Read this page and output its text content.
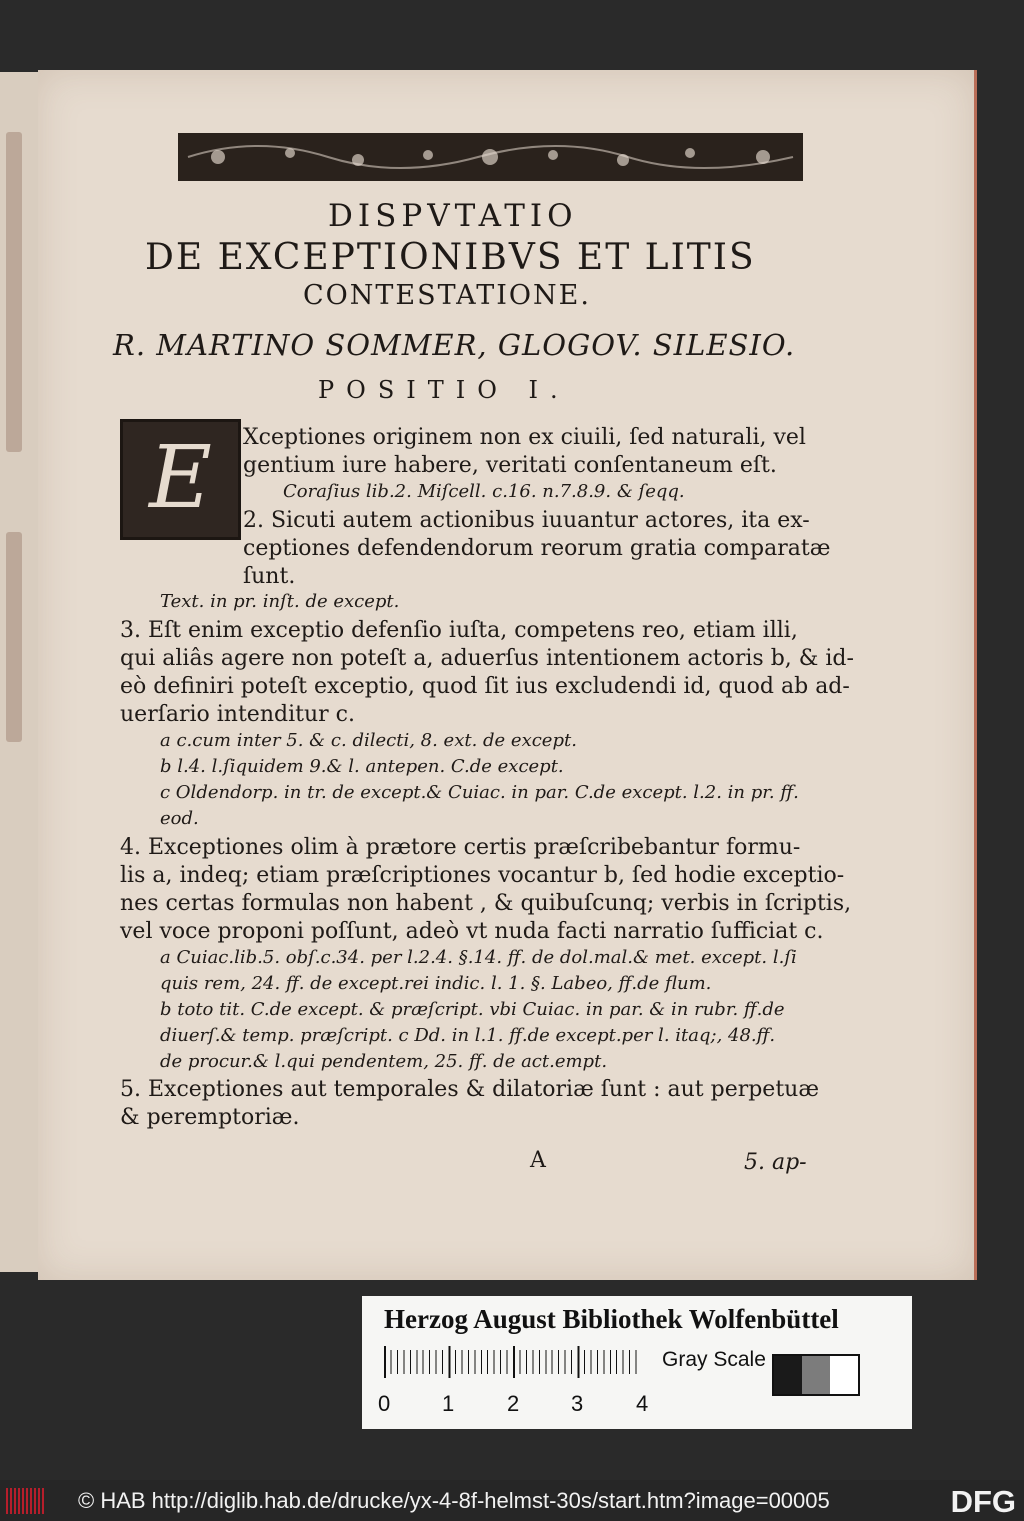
DISPVTATIO
DE EXCEPTIONIBVS ET LITIS
CONTESTATIONE.
R. MARTINO SOMMER, GLOGOV. SILESIO.
POSITIO I.
E	Xceptiones originem non ex ciuili, ſed naturali, vel
gentium iure habere, veritati conſentaneum eſt.
Coraſius lib.2. Miſcell. c.16. n.7.8.9. & ſeqq.
2. Sicuti autem actionibus iuuantur actores, ita ex-
ceptiones defendendorum reorum gratia comparatæ
ſunt.
Text. in pr. inſt. de except.
3. Eſt enim exceptio defenſio iuſta, competens reo, etiam illi,
qui aliâs agere non poteſt a, aduerſus intentionem actoris b, & id-
eò definiri poteſt exceptio, quod ſit ius excludendi id, quod ab ad-
uerſario intenditur c.
a c.cum inter 5. & c. dilecti, 8. ext. de except.
b l.4. l.ſiquidem 9.& l. antepen. C.de except.
c Oldendorp. in tr. de except.& Cuiac. in par. C.de except. l.2. in pr. ff.
eod.
4. Exceptiones olim à prætore certis præſcribebantur formu-
lis a, indeq; etiam præſcriptiones vocantur b, ſed hodie exceptio-
nes certas formulas non habent , & quibuſcunq; verbis in ſcriptis,
vel voce proponi poſſunt, adeò vt nuda facti narratio ſufficiat c.
a Cuiac.lib.5. obſ.c.34. per l.2.4. §.14. ff. de dol.mal.& met. except. l.ſi
quis rem, 24. ff. de except.rei indic. l. 1. §. Labeo, ff.de flum.
b toto tit. C.de except. & præſcript. vbi Cuiac. in par. & in rubr. ff.de
diuerſ.& temp. præſcript. c Dd. in l.1. ff.de except.per l. itaq;, 48.ff.
de procur.& l.qui pendentem, 25. ff. de act.empt.
5. Exceptiones aut temporales & dilatoriæ ſunt : aut perpetuæ
& peremptoriæ.
A	5. ap-
Herzog August Bibliothek Wolfenbüttel
0 1 2 3 4
Gray Scale
© HAB http://diglib.hab.de/drucke/yx-4-8f-helmst-30s/start.htm?image=00005	DFG
